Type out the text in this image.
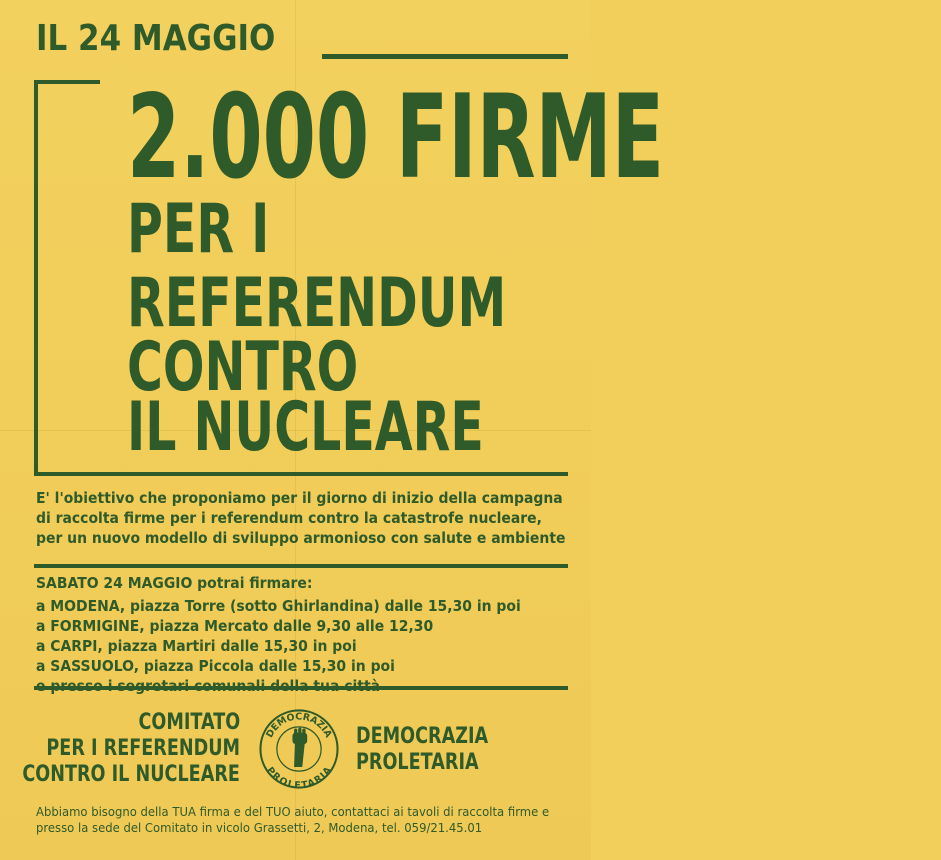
IL 24 MAGGIO
2.000 FIRME
PER I
REFERENDUM
CONTRO
IL NUCLEARE
E' l'obiettivo che proponiamo per il giorno di inizio della campagna
di raccolta firme per i referendum contro la catastrofe nucleare,
per un nuovo modello di sviluppo armonioso con salute e ambiente
SABATO 24 MAGGIO potrai firmare:
a MODENA, piazza Torre (sotto Ghirlandina) dalle 15,30 in poi
a FORMIGINE, piazza Mercato dalle 9,30 alle 12,30
a CARPI, piazza Martiri dalle 15,30 in poi
a SASSUOLO, piazza Piccola dalle 15,30 in poi
COMITATO
PER I REFERENDUM
CONTRO IL NUCLEARE
DEMOCRAZIA
PROLETARIA
DEMOCRAZIA
PROLETARIA
Abbiamo bisogno della TUA firma e del TUO aiuto, contattaci ai tavoli di raccolta firme e
presso la sede del Comitato in vicolo Grassetti, 2, Modena, tel. 059/21.45.01
